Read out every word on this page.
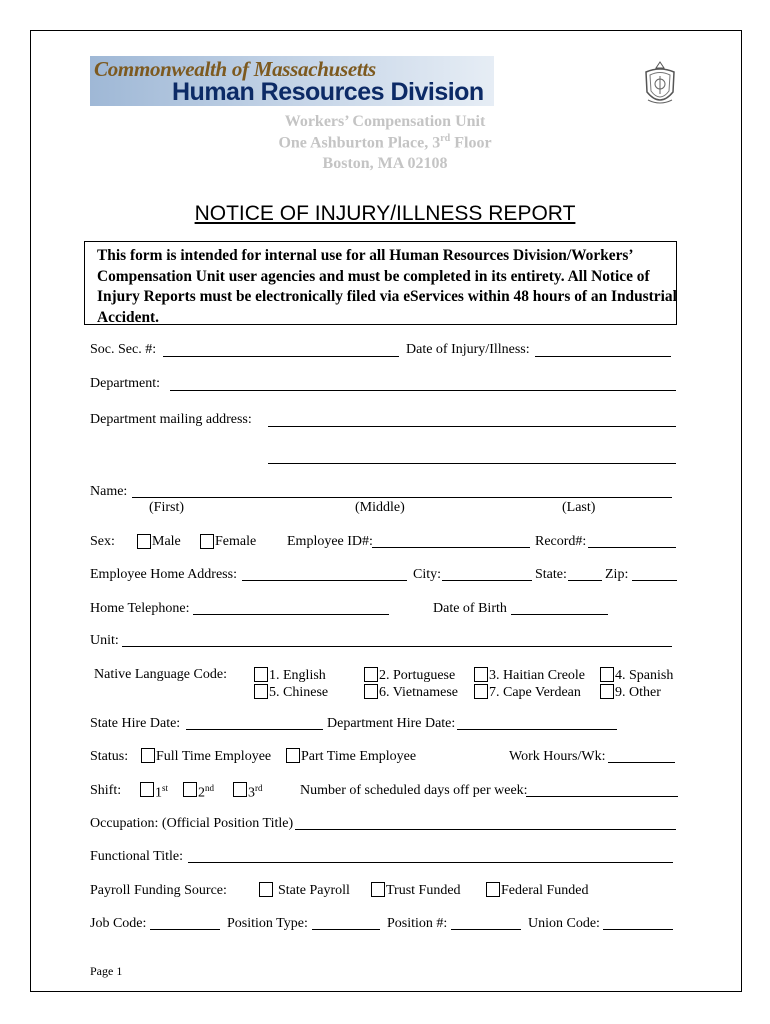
Commonwealth of Massachusetts
Human Resources Division
Workers’ Compensation Unit
One Ashburton Place, 3rd Floor
Boston, MA 02108
NOTICE OF INJURY/ILLNESS REPORT
This form is intended for internal use for all Human Resources Division/Workers’ Compensation Unit user agencies and must be completed in its entirety. All Notice of Injury Reports must be electronically filed via eServices within 48 hours of an Industrial Accident.
Soc. Sec. #:	Date of Injury/Illness:
Department:
Department mailing address:
Name:
(First)	(Middle)	(Last)
Sex:	Male Female Employee ID#:	Record#:
Employee Home Address:	City:	State:	Zip:
Home Telephone:	Date of Birth
Unit:
Native Language Code:	1. English	2. Portuguese 3. Haitian Creole 4. Spanish
5. Chinese	6. Vietnamese 7. Cape Verdean 9. Other
State Hire Date:	Department Hire Date:
Status: Full Time Employee Part Time Employee	Work Hours/Wk:
Shift: 1st 2nd 3rd	Number of scheduled days off per week:
Occupation: (Official Position Title)
Functional Title:
Payroll Funding Source:	State Payroll	Trust Funded	Federal Funded
Job Code:	Position Type:	Position #:	Union Code:
Page 1
